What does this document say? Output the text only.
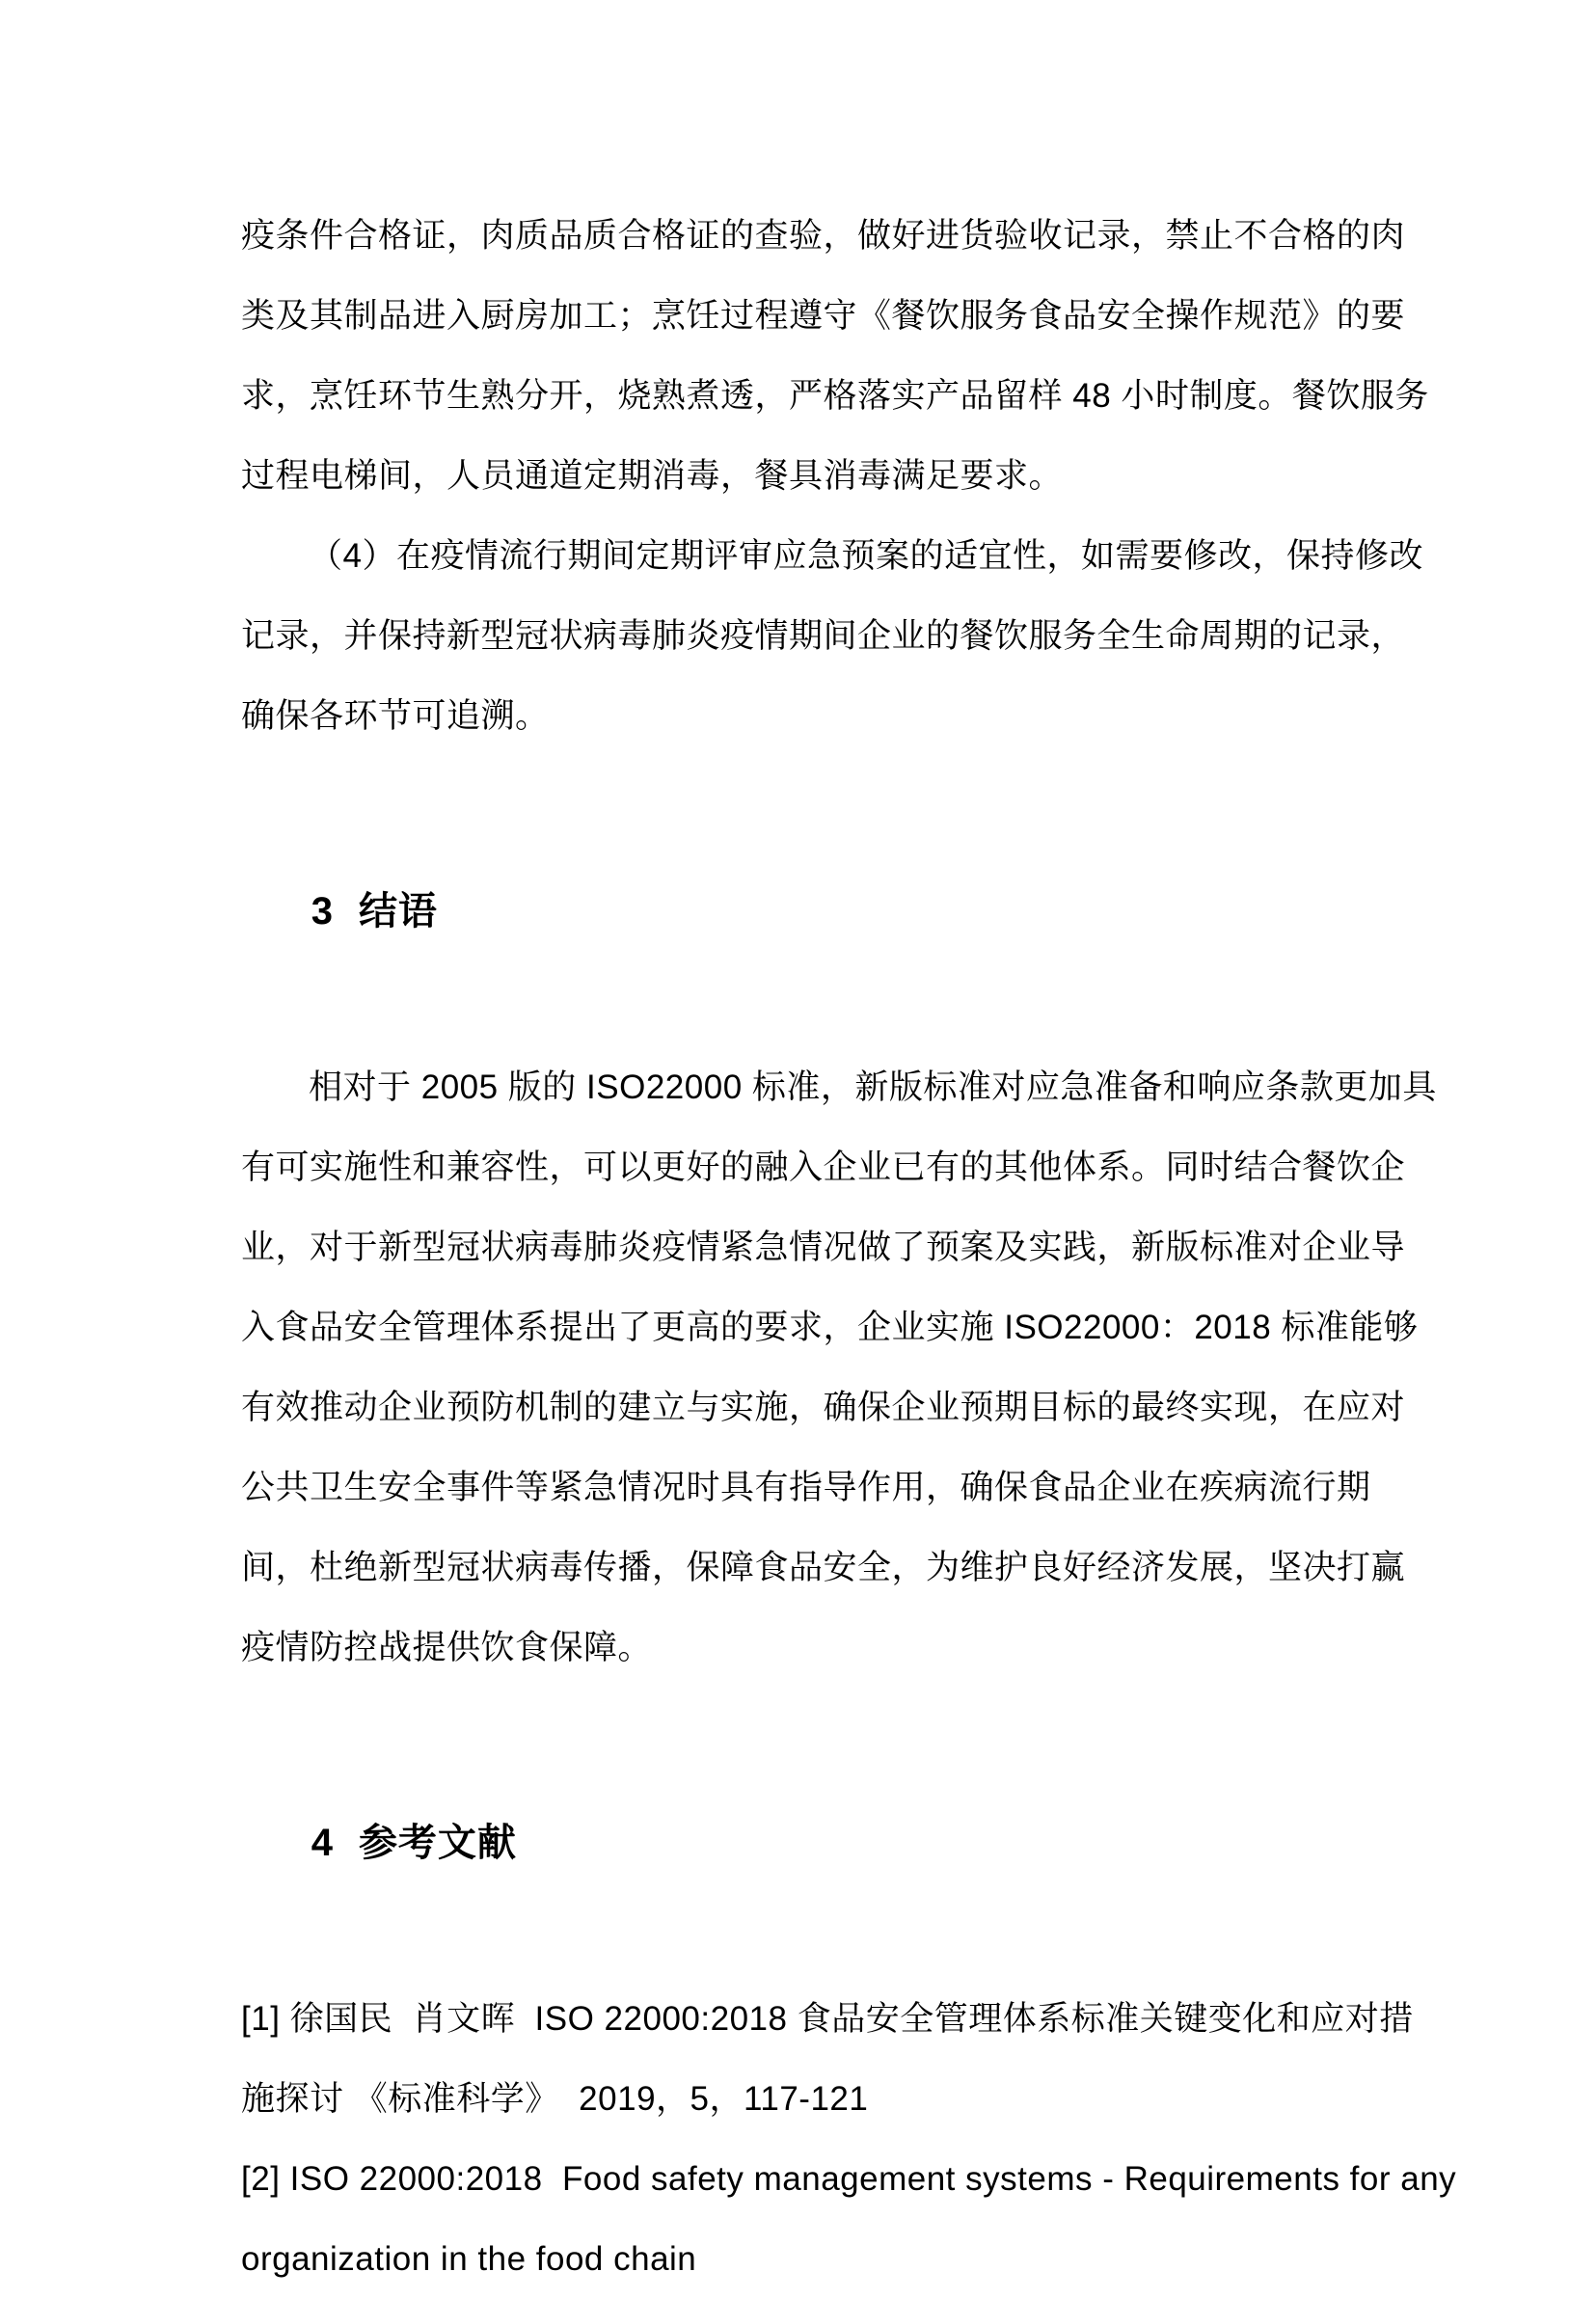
疫条件合格证，肉质品质合格证的查验，做好进货验收记录，禁止不合格的肉

类及其制品进入厨房加工；烹饪过程遵守《餐饮服务食品安全操作规范》的要

求，烹饪环节生熟分开，烧熟煮透，严格落实产品留样 48 小时制度。餐饮服务

过程电梯间，人员通道定期消毒，餐具消毒满足要求。

（4）在疫情流行期间定期评审应急预案的适宜性，如需要修改，保持修改

记录，并保持新型冠状病毒肺炎疫情期间企业的餐饮服务全生命周期的记录，

确保各环节可追溯。

3 结语

相对于 2005 版的 ISO22000 标准，新版标准对应急准备和响应条款更加具

有可实施性和兼容性，可以更好的融入企业已有的其他体系。同时结合餐饮企

业，对于新型冠状病毒肺炎疫情紧急情况做了预案及实践，新版标准对企业导

入食品安全管理体系提出了更高的要求，企业实施 ISO22000：2018 标准能够

有效推动企业预防机制的建立与实施，确保企业预期目标的最终实现，在应对

公共卫生安全事件等紧急情况时具有指导作用，确保食品企业在疾病流行期

间，杜绝新型冠状病毒传播，保障食品安全，为维护良好经济发展，坚决打赢

疫情防控战提供饮食保障。

4 参考文献

[1] 徐国民  肖文晖  ISO 22000:2018 食品安全管理体系标准关键变化和应对措

施探讨 《标准科学》  2019，5，117-121

[2] ISO 22000:2018  Food safety management systems - Requirements for any

organization in the food chain
